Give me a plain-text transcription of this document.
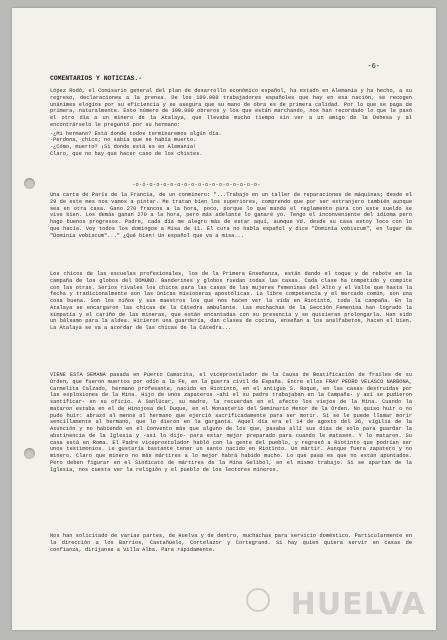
-6-
COMENTARIOS Y NOTICIAS.-

López Rodó, el Comisario general del plan de desarrollo económico español, ha estado en Alemania y ha hecho, a su regreso, declaraciones a la prensa. De los 100.000 trabajadores españoles que hay en esa nación, se recogen unánimes elogios por su eficiencia y se asegura que su mano de obra es de primera calidad. Por lo que se paga de primera, naturalmente. Esto número de 100.000 obreros y los que están marchando, nos han recordado lo que le pasó el otro día a un minero de la Atalaya, que llevaba mucho tiempo sin ver a un amigo de la Dehesa y al encontrárselo le preguntó por su hermano:

-¿Mi hermano? Está donde todos terminaremos algún día.
-Perdona, chico; no sabía que se había muerto.
-¿Cómo, muerto? ¡Si donde está es en Alemania!
Claro, que no hay que hacer caso de los chistes.
-o-o-o-o-o-o-o-o-o-o-o-o-o-o-o-o-o-o-

Una carta de París de la Francia, de un conminero: "...Trabajo en un taller de reparaciones de máquinas; desde el 29 de este mes nos vamos a pintar. Me tratan bien los superiores, comprendo que por ser extranjero también aunque sea en otra casa. Gano 270 francos a la hora, poco, porque lo que manda el reglamento para con este sueldo se vive bien. Los demás ganan 270 a la hora, pero más adelante lo ganaré yo. Tengo el inconveniente del idioma pero hago buenos progresos. Padre, cada día me alegro más de estar aquí, aunque Vd. desde su casa estoy loco con lo que hacía. Voy todos los domingos a Misa de 11. El cura no habla español y dice "Dominía vobiscum", en lugar de "Dominía vobiscum"..." ¿Qué bien! Un español que va a misa...

Los chicos de las escuelas profesionales, los de la Primera Enseñanza, están dando el toque y de rebote en la campaña de los globos del DOMUND. Banderines y globos ruedan todas las casas. Cada clase ha competido y compite con las otras. Serios rivales los chicos para las casas de las mujeres femeninas del Alto y el Valle que hasta la fecha y tradicionalmente son las únicas misioneras apostólicas. La libre competencia y el mercado común, son una cosa buena. Son los niños y sus maestros los que nos hacen ver la vida en Riotinto, toda la campaña. En la Atalaya se encargaron las chicas de la Cátedra ambulante. Las muchachas de la Sección Femenina han logrado la simpatía y el cariño de las mineras, que están encantadas con su presencia y se quisieran prolongarla. Han sido un bálsamo para la aldea. Hicieron una guardería, dan clases de cocina, enseñan a los analfabetos, hacen el bien. La Atalaya se va a acordar de las chicas de la Cátedra...

VIENE ESTA SEMANA pasada en Puerto Camacita, el viceprostulador de la Causa de Beatificación de frailes de su Orden, que fueron muertos por odio a la Fe, en la guerra civil de España. Entre ellos FRAY PEDRO VELASCO NARBONA, Carmelita Calzado, hermano profesante, nacido en Riotinto, en el antiguo S. Roque, en las casas destruidas por las explosiones de la Mina. Hijo de unos zapateros -ahí el su padre trabajaban en la Campaña- y así se pudieron santificar- en su oficio. A Sanlúcar, su madre, la recuerdan en el afecto los viejos de la Mina. Cuando la mataron estaba en el de Hinojosa del Duque, en el Monasterio del Seminario Menor de la Orden. No quiso huir o no pudo huir: abrazó al menos al hermano que ejerció sacrificadamente para ser morir. Si se le puede llamar morir sencillamente al hermano, que lo dieron en la garganta. Aquel día era el 14 de agosto del 36, vigilia de la Asunción y no habiendo en el Convento más que alguno de los que, pasaba allí sus días de solo para guardar la abstinencia de la Iglesia y -así lo dijo- para estar mejor preparado para cuando le matasen. Y lo mataron. Su casa está en Roma. El Padre viceprostulador habló con la gente del pueblo, y regresó a Riotinto que podrían ser unos testimonios. Le gustaría bastante tener un santo nacido en Riotinto. Un mártir. Aunque fuera zapatero y no minero. Claro que minero no más mártires a lo mejor habrá habido mucho. Lo que pasa es que no están apuntados. Pero deben figurar en el Sindicato de mártires de la Mina Gelibol, en el mismo trabajo. Si se apartan de la Iglesia, nos cuesta ver la religión y el pueblo de los lectores mineros.

Nos han solicitado de varias partes, de Huelva y de dentro, muchachas para servicio doméstico. Particularmente en la dirección a los Barrios, Castañuelo, Cortelazor y Cortegrand. Si hay quien quiera servir en casas de confianza, diríjanse a Villa Alba. Para rápidamente.

HUELVA
